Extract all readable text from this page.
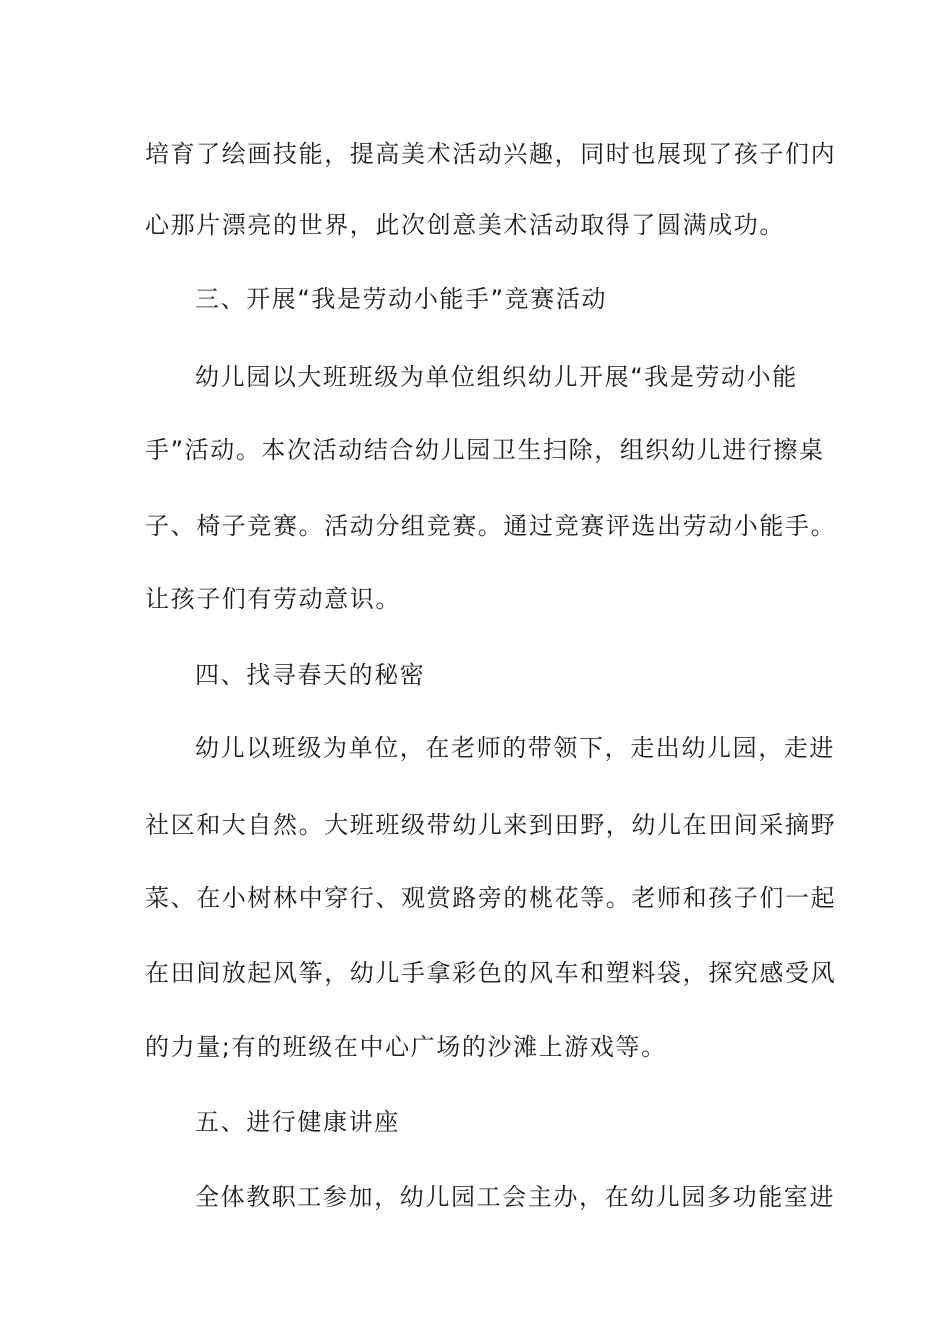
培育了绘画技能，提高美术活动兴趣，同时也展现了孩子们内

心那片漂亮的世界，此次创意美术活动取得了圆满成功。

三、开展“我是劳动小能手”竞赛活动

幼儿园以大班班级为单位组织幼儿开展“我是劳动小能

手”活动。本次活动结合幼儿园卫生扫除，组织幼儿进行擦桌

子、椅子竞赛。活动分组竞赛。通过竞赛评选出劳动小能手。

让孩子们有劳动意识。

四、找寻春天的秘密

幼儿以班级为单位，在老师的带领下，走出幼儿园，走进

社区和大自然。大班班级带幼儿来到田野，幼儿在田间采摘野

菜、在小树林中穿行、观赏路旁的桃花等。老师和孩子们一起

在田间放起风筝，幼儿手拿彩色的风车和塑料袋，探究感受风

的力量;有的班级在中心广场的沙滩上游戏等。

五、进行健康讲座

全体教职工参加，幼儿园工会主办，在幼儿园多功能室进
